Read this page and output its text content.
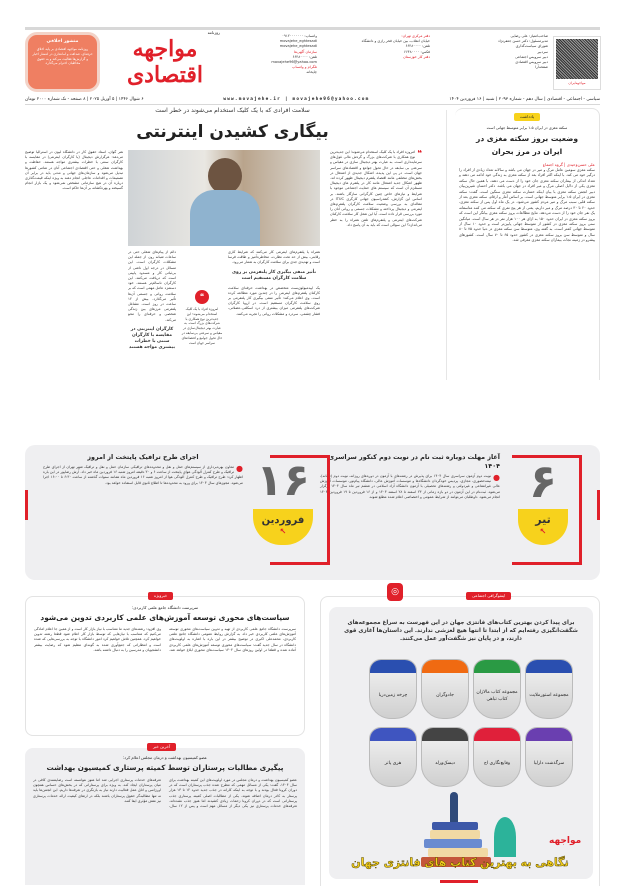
منشور اخلاقی
روزنامه مواجهه اقتصادی بر پایه اخلاق حرفه‌ای، صداقت و امانتداری در انتشار اخبار و گزارش‌ها فعالیت می‌کند و به حقوق مخاطبان احترام می‌گذارد.
روزنامه
مواجهه اقتصادی
واتساپ: ۰۹۱۲۰۰۰۰۰۰۰
movajehe_eghtesadi
movajehe_eghtesadi
سازمان آگهی‌ها
تلفن: ۶۶۴۸۰۰۰۰
movajehe96@yahoo.com
تلگرام و واتساپ
چاپخانه
دفتر مرکزی تهران:
خیابان انقلاب، بین خیابان فخر رازی و دانشگاه
تلفن: ۶۶۴۸۰۰۰۰
فکس: ۶۶۴۸۰۰۰۰
دفتر کار خوزستان
صاحب‌امتیاز: علی رضایی
مدیرمسئول: دکتر حسن جعفرنژاد
شورای سیاست‌گذاری
سردبیر
دبیر سرویس اجتماعی
دبیر سرویس اقتصادی
صفحه‌آرا
مواجهه‌ایران
سیاسی - اجتماعی - اقتصادی | سال دهم - شماره ۲۰۹۳ | شنبه | ۱۶ فروردین ۱۴۰۴
www.movajehe.ir | movajehe96@yahoo.com
۶ شوال ۱۴۴۶ | ۵ آوریل ۲۰۲۵ | ۸ صفحه - تک شماره ۲۰۰۰ تومان
یادداشت
سکته مغزی در ایران ۱.۵ برابر متوسط جهانی است
وضعیت بروز سکته مغزی در ایران در مرز بحران
علی حسن‌وحیدی | گروه اجتماع
سکته مغزی سومین عامل مرگ و میر در جهان می باشد و سالانه تعداد زیادی از افراد را درگیر خود می کند. با اینکه اکثر افراد بعد از سکته مغزی به زندگی خود ادامه می دهند و تعداد اندکی از بیماران سکته مغزی جان خود را از دست می دهند، با همین حال سکته مغزی یکی از دلایل اصلی مرگ و میر افراد در جهان می باشد. دکتر احسان شیرین‌بیان دبیر انجمن سکته مغزی با بیان اینکه خسارت سکته مغزی سنگین است، گفت: سکته مغزی در ایران ۱.۵ برابر متوسط جهانی است. بر اساس آمار و ارقام، سکته مغزی بعد از سکته قلبی سبب مرگ و میر مردم کشور می‌شود. در یک ماه اول پس از سکته مغزی، حدود ۲۰ تا ۳۰ درصد مرگ و میر داریم، یعنی از هر پنج نفری که سکته می کنند متاسفانه یک نفر جان خود را از دست می‌دهد. نتایج مطالعات بروز سکته مغزی بیانگر این است که بروز سکته مغزی در ایران حدود ۱۵۰ به ازای هر ۱۰۰ هزار نفر در هر سال است. میانگین سنی بروز سکته مغزی در کشور از متوسط جهانی پایین‌تر است و حدود ۱۰ سال از متوسط جهانی کمتر است. به گفته وی، متوسط سن سکته مغزی در دنیا حدود ۷۵ تا ۸۰ سال و متوسط سن بروز سکته مغزی در کشور حدود ۶۵ تا ۷۰ سال است. کشورهای پیشرو در زمینه نجات بیماران سکته مغزی معرفی شد.
سلامت افرادی که با یک کلیک استخدام می‌شوند در خطر است
بیگاری کشیدن اینترنتی
❝
امروزه افراد با یک کلیک استخدام می‌شوند؛ این جدیدترین نوع همکاری با شرکت‌های بزرگ و گردش مالی غول‌های سرمایه‌داری است. به عبارت بهتر دیجیتال سازی در مقیاس و سرعتی بی سابقه در حال تحول جوامع و اقتصادهای سراسر جهان است. در پی این پدیده، اشکال جدیدی از اشتغال در بخش‌های مختلفی مانند اقتصاد پلتفرم دیجیتال ظهور کرده اند. ظهور اشکال جدید اشتغال مانند کار در پلتفرم های دیجیتال مستلزم آن است که سیستم های حمایت اجتماعی موجود با شرایط و نیازهای خاص چنین کارگرانی سازگار باشند. بر اساس این گزارش، کنفدراسیون جهانی کارگری ITUC در مقاله‌ای به بررسی وضعیت سلامت کارگران پلتفرم‌های اینترنتی و دیجیتال پرداخته و مشکلات جسمی و روانی آنان را مورد بررسی قرار داده است. آیا این شغل کار سلامت کارکنان شرکت‌های اینترنتی و پلتفرم‌های تلفن همراه را به خطر می‌اندازد؟ این سوالی است که باید به آن پاسخ داد.
همراه یا پلتفرم‌های اینترنتی کار می‌کنند که شرایط کاری رقابتی، بیش از حد تحت نظارت، مخاطره‌آمیز و طاقت فرسا است و تهدیدی جدی برای سلامت کارگران به شمار می‌رود.
تأثیر منفی بیگیری کار پلتفرمی بر روی سلامت کارگران مستقیم است
یک اپیدمیولوژیست متخصص در بهداشت حرفه‌ای سلامت کارکنان پلتفرم‌های اینترنتی را در چندین مورد مطالعه کرده است. وی اعلام می‌کند: تأثیر منفی بیگیری کار پلتفرمی بر روی سلامت کارگران مستقیم است. در اروپا کارگران شرکت‌های پلتفرمی میزان بیشتری از درد اسکلتی-عضلانی، فشار چشمی، سردرد و مشکلات روانی را تجربه می‌کنند.
❝
امروزه افراد با یک کلیک استخدام می‌شوند؛ این جدیدترین نوع همکاری با شرکت‌های بزرگ است. به عبارت بهتر دیجیتال‌سازی در مقیاس و سرعتی بی‌سابقه در حال تحول جوامع و اقتصادهای سراسر جهان است
دائم از پیام‌های شغلی حتی در ساعات شبانه روز، از جمله این مشکلات کارگران است. این مسائل در درجه اول ناشی از بی‌ثباتی کار و مسدود پایینی است که دریافت می‌کنند. این کارگران ناسالم‌تر هستند. خود دستمزد عامل مهمی است که بر سلامت روانی و جسمی آن‌ها تأثیر می‌گذارد. بیش از ۱۲ ساعت در روز است. مشاغل پلتفرمی مرزهای بین زندگی شخصی و حرفه‌ای را محو می‌کند.
کارگران اینترنتی در مقایسه با کارگران سنتی با خطرات بیشتری مواجه هستند
هنر گوان، استاد حقوق کار در دانشگاه لیون در استرالیا توضیح می‌دهد: هرگزارش دیجیتال (یا کارگران اینترنتی) در مقایسه با کارگران سنتی با خطرات بیشتری مواجه هستند. حفاظت و بهداشت شغلی و حتی اقتصادی اجتماعی آنان در تمامی کشورها تبدیل می‌شود و سازمان‌های جهانی و مدنی باید در برابر آن تصمیمات و اقدامات عاجلی انجام دهند به ویژه اینکه قیمت‌گذاری درباره آن در هیچ سازمانی مشخص نمی‌شود و یک بازار انجام گسیخته و بهره‌کشانه بر آن‌ها حاکم است.
۶
تیر
↖
آغاز مهلت دوباره ثبت نام در نوبت دوم کنکور سراسری ۱۴۰۴
●
نوبت دوم آزمون سراسری سال ۱۴۰۴ برای پذیرش در رشته‌های با آزمون در دوره‌های روزانه، نوبت دوم (شبانه)، نیمه‌حضوری، مجازی، پردیس خودگردان دانشگاه‌ها و موسسات آموزش عالی، دانشگاه پیام‌نور، موسسات آموزش عالی غیرانتفاعی و غیردولتی و رشته‌های تحصیلی با آزمون دانشگاه آزاد اسلامی در ششم تیر ماه سال ۱۴۰۴ برگزار می‌شود. ثبت‌نام در این آزمون در دو بازه زمانی از ۲۳ اسفند تا ۲۸ اسفند ۱۴۰۳ و از ۱۶ فروردین تا ۱۹ فروردین ۱۴۰۴ انجام می‌شود. داوطلبان می‌توانند از شرایط عمومی و اختصاصی اعلام شده مطلع شوند.
۱۶
فروردین
↖
اجرای طرح ترافیک پایتخت از امروز
●
معاون بهره‌برداری از سیستم‌های حمل و نقل و محدوده‌های ترافیکی سازمان حمل و نقل و ترافیک شهر تهران از اجرای طرح ترافیک و طرح کنترل آلودگی هوای پایتخت از ساعت ۶ و ۳۰ دقیقه امروز شنبه ۱۶ فروردین ماه خبر داد. آرش رضاپور در این باره اظهار کرد: طرح ترافیک و طرح کنترل آلودگی هوا از امروز شنبه ۱۶ فروردین ماه همانند سنوات گذشته از ساعت ۶:۳۰ تا ۱۶:۰۰ اجرا می‌شود. مجوزهای سال ۱۴۰۳ برای ورود به محدوده‌ها تا اطلاع ثانوی قابل استفاده خواهد بود.
اینفوگرافی اجتماعی
◎
برای پیدا کردن بهترین کتاب‌های فانتزی جهان در این فهرست به سراغ مجموعه‌های شگفت‌انگیزی رفته‌ایم که از ابتدا تا انتها هیچ لغزشی ندارند. این داستان‌ها آغازی قوی دارند، و در پایان نیز شگفت‌آور عمل می‌کنند.
مجموعه استورملایت
مجموعه کتاب مالازان کتاب تباهی
جادوگران
چرخه زمین‌دریا
سرگذشت دارلیا
وقایع‌نگاری اج
دیسک‌ورلد
هری پاتر
مواجهه
نگاهی به بهترین کتاب های فانتزی جهان
خبرویژه
سرپرست دانشگاه جامع علمی کاربردی:
سیاست‌های محوری توسعه آموزش‌های علمی کاربردی تدوین می‌شود
سرپرست دانشگاه جامع علمی کاربردی از تهیه و تدوین سیاست‌های محوری توسعه آموزش‌های علمی کاربردی خبر داد. به گزارش روابط عمومی دانشگاه جامع علمی کاربردی، محمدعلی اکبری در توضیح بیشتر در این باره با اشاره به اولویت‌های دانشگاه در سال جدید گفت: سیاست‌های محوری توسعه آموزش‌های علمی کاربردی آماده شده و قطعا در اولین روزهای سال ۱۴۰۴ سیاست‌های محوری ابلاغ خواهد شد. وی افزود: رشته‌های جدید ما متناسب با نیاز بازار کار است و از همین جا اعلام آمادگی می‌کنیم که متناسب با نیازهایی که توسط بازار کار اعلام شود قطعا رشته تدوین خواهیم کرد. همچنین تلاش خواهیم کرد امور دانشگاه با توجه به بررسی‌هایی که شده است و انتظاراتی که جمع‌آوری شده به گونه‌ای تنظیم شود که رضایت بیشتر دانشجویان و مدرسین را به دنبال داشته باشد.
آخرین خبر
عضو کمیسیون بهداشت و درمان مجلس اعلام کرد:
پیگیری مطالبات پرستاران توسط کمیته پرستاری کمیسیون بهداشت
عضو کمیسیون بهداشت و درمان مجلس در مورد اولویت‌های این کمیته بهداشت برای سال ۱۴۰۴، گفت: یکی از مسائل مهمی که مطرح شده جذب پرستاران است که در دوران کرونا فعال بودند و با توجه به اینکه کارانه در جذب جدید حدود ۱۲ تا ۱۳ هزار پرستار به کادر درمان اضافه شوند. یکی از مطالبات اصلی کمیته پرستاری جذب پرستارانی است که در دوران کرونا زحمات زیادی کشیدند اما هنوز جذب نشده‌اند. تعرفه‌های خدمات پرستاری نیز یکی دیگر از مسائل مهم است و پس از ۱۲ سال، تعرفه‌های خدمات پرستاری اجرایی شد اما هنوز نتوانسته است رضایتمندی کافی در میان پرستاران ایجاد کند. به ویژه برای پرستارانی که در بخش‌های حساس همچون اورژانس و اتاق عمل فعالیت دارند نیاز به بازنگری در تعرفه‌ها داریم. این انجمن‌ها باید نه تنها مطالبه‌گر حقوق پرستاران باشند بلکه در ارتقای کیفیت ارائه خدمات پرستاری نیز نقش مؤثری ایفا کنند.
